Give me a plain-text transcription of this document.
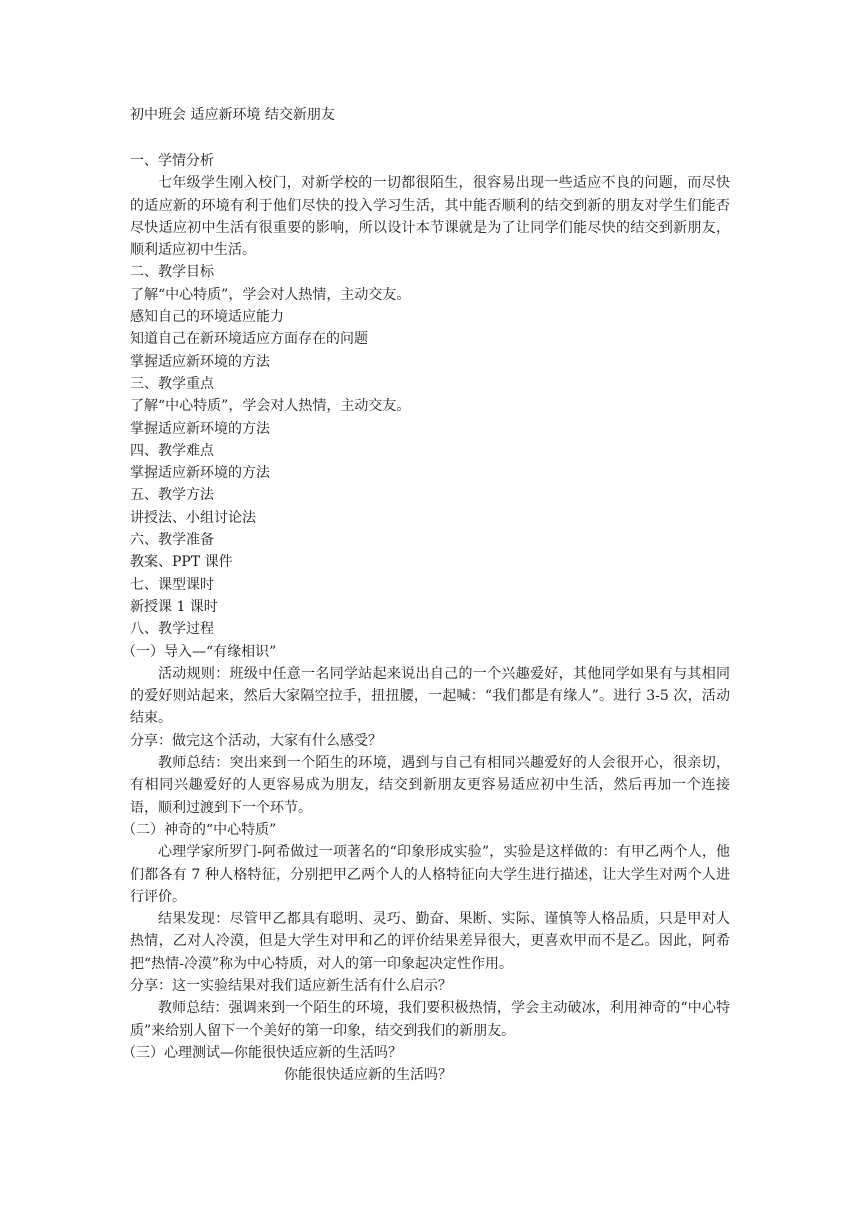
初中班会 适应新环境 结交新朋友
一、学情分析
七年级学生刚入校门，对新学校的一切都很陌生，很容易出现一些适应不良的问题，而尽快的适应新的环境有利于他们尽快的投入学习生活，其中能否顺利的结交到新的朋友对学生们能否尽快适应初中生活有很重要的影响，所以设计本节课就是为了让同学们能尽快的结交到新朋友，顺利适应初中生活。
二、教学目标
了解“中心特质”，学会对人热情，主动交友。
感知自己的环境适应能力
知道自己在新环境适应方面存在的问题
掌握适应新环境的方法
三、教学重点
了解“中心特质”，学会对人热情，主动交友。
掌握适应新环境的方法
四、教学难点
掌握适应新环境的方法
五、教学方法
讲授法、小组讨论法
六、教学准备
教案、PPT 课件
七、课型课时
新授课 1 课时
八、教学过程
（一）导入—“有缘相识”
活动规则：班级中任意一名同学站起来说出自己的一个兴趣爱好，其他同学如果有与其相同的爱好则站起来，然后大家隔空拉手，扭扭腰，一起喊：“我们都是有缘人”。进行 3-5 次，活动结束。
分享：做完这个活动，大家有什么感受？
教师总结：突出来到一个陌生的环境，遇到与自己有相同兴趣爱好的人会很开心，很亲切，有相同兴趣爱好的人更容易成为朋友，结交到新朋友更容易适应初中生活，然后再加一个连接语，顺利过渡到下一个环节。
（二）神奇的“中心特质”
心理学家所罗门-阿希做过一项著名的“印象形成实验”，实验是这样做的：有甲乙两个人，他们都各有 7 种人格特征，分别把甲乙两个人的人格特征向大学生进行描述，让大学生对两个人进行评价。
结果发现：尽管甲乙都具有聪明、灵巧、勤奋、果断、实际、谨慎等人格品质，只是甲对人热情，乙对人冷漠，但是大学生对甲和乙的评价结果差异很大，更喜欢甲而不是乙。因此，阿希把“热情-冷漠”称为中心特质，对人的第一印象起决定性作用。
分享：这一实验结果对我们适应新生活有什么启示？
教师总结：强调来到一个陌生的环境，我们要积极热情，学会主动破冰，利用神奇的“中心特质”来给别人留下一个美好的第一印象，结交到我们的新朋友。
（三）心理测试—你能很快适应新的生活吗？
你能很快适应新的生活吗？
